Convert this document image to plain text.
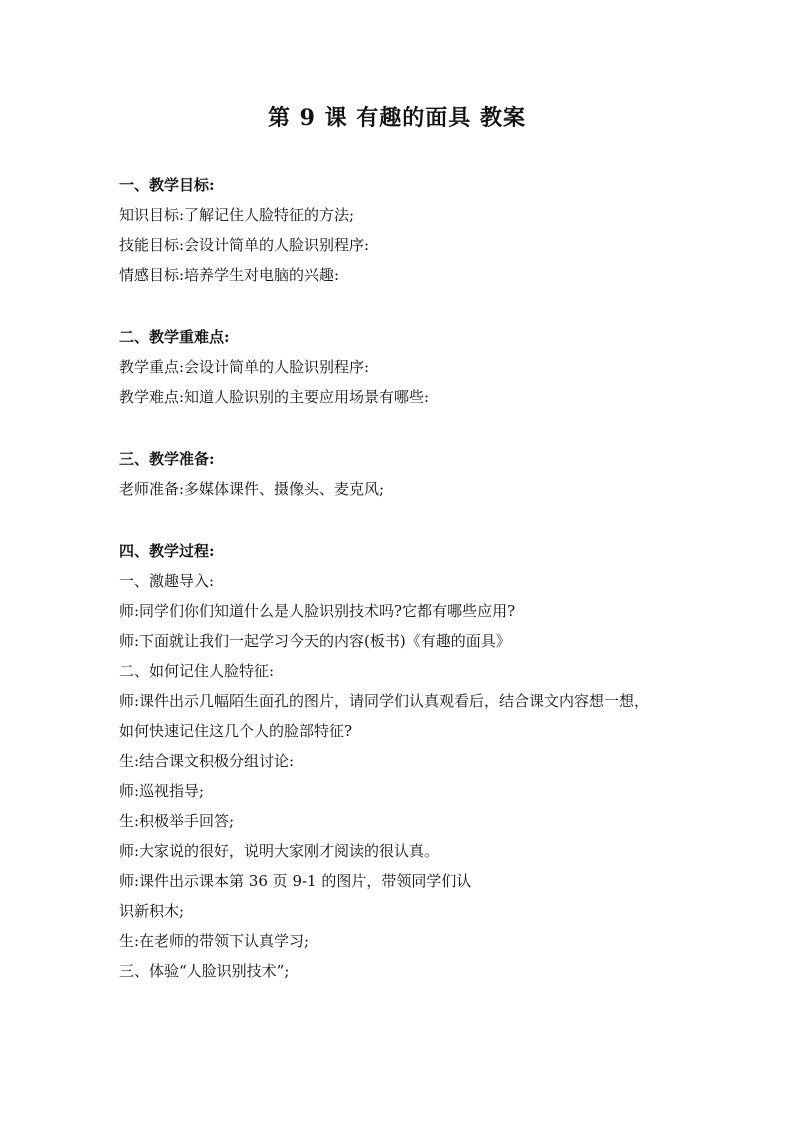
第 9 课 有趣的面具 教案

一、教学目标:

知识目标:了解记住人脸特征的方法;

技能目标:会设计简单的人脸识别程序:

情感目标:培养学生对电脑的兴趣:

二、教学重难点:

教学重点:会设计简单的人脸识别程序:

教学难点:知道人脸识别的主要应用场景有哪些:

三、教学准备:

老师准备:多媒体课件、摄像头、麦克风;

四、教学过程:

一、激趣导入:

师:同学们你们知道什么是人脸识别技术吗?它都有哪些应用?

师:下面就让我们一起学习今天的内容(板书)《有趣的面具》

二、如何记住人脸特征:

师:课件出示几幅陌生面孔的图片，请同学们认真观看后，结合课文内容想一想，

如何快速记住这几个人的脸部特征?

生:结合课文积极分组讨论:

师:巡视指导;

生:积极举手回答;

师:大家说的很好，说明大家刚才阅读的很认真。

师:课件出示课本第 36 页 9-1 的图片，带领同学们认

识新积木;

生:在老师的带领下认真学习;

三、体验“人脸识别技术”;
